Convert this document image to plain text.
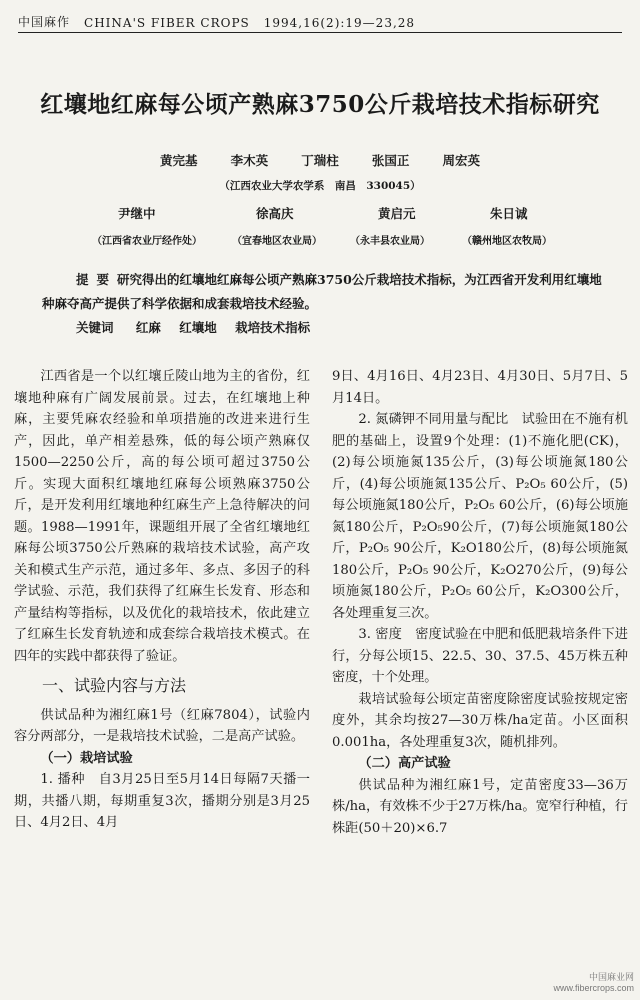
中国麻作 CHINA'S FIBER CROPS 1994,16(2):19—23,28
红壤地红麻每公顷产熟麻3750公斤栽培技术指标研究
黄完基	李木英	丁瑞柱	张国正	周宏英
（江西农业大学农学系　南昌　330045）
尹继中	徐高庆	黄启元	朱日诚
（江西省农业厅经作处）	（宜春地区农业局）	（永丰县农业局）	（赣州地区农牧局）
提要研究得出的红壤地红麻每公顷产熟麻3750公斤栽培技术指标，为江西省开发利用红壤地种麻夺高产提供了科学依据和成套栽培技术经验。
关键词 红麻 红壤地 栽培技术指标

江西省是一个以红壤丘陵山地为主的省份，红壤地种麻有广阔发展前景。过去，在红壤地上种麻，主要凭麻农经验和单项措施的改进来进行生产，因此，单产相差悬殊，低的每公顷产熟麻仅1500—2250公斤，高的每公顷可超过3750公斤。实现大面积红壤地红麻每公顷熟麻3750公斤，是开发利用红壤地种红麻生产上急待解决的问题。1988—1991年，课题组开展了全省红壤地红麻每公顷3750公斤熟麻的栽培技术试验，高产攻关和模式生产示范，通过多年、多点、多因子的科学试验、示范，我们获得了红麻生长发育、形态和产量结构等指标，以及优化的栽培技术，依此建立了红麻生长发育轨迹和成套综合栽培技术模式。在四年的实践中都获得了验证。

一、试验内容与方法

供试品种为湘红麻1号（红麻7804），试验内容分两部分，一是栽培技术试验，二是高产试验。

（一）栽培试验

1. 播种　自3月25日至5月14日每隔7天播一期，共播八期，每期重复3次，播期分别是3月25日、4月2日、4月

9日、4月16日、4月23日、4月30日、5月7日、5月14日。

2. 氮磷钾不同用量与配比　试验田在不施有机肥的基础上，设置9个处理：(1)不施化肥(CK)，(2)每公顷施氮135公斤，(3)每公顷施氮180公斤，(4)每公顷施氮135公斤、P₂O₅ 60公斤，(5)每公顷施氮180公斤，P₂O₅ 60公斤，(6)每公顷施氮180公斤，P₂O₅90公斤，(7)每公顷施氮180公斤，P₂O₅ 90公斤，K₂O180公斤，(8)每公顷施氮180公斤，P₂O₅ 90公斤，K₂O270公斤，(9)每公顷施氮180公斤，P₂O₅ 60公斤，K₂O300公斤，各处理重复三次。

3. 密度　密度试验在中肥和低肥栽培条件下进行，分每公顷15、22.5、30、37.5、45万株五种密度，十个处理。

栽培试验每公顷定苗密度除密度试验按规定密度外，其余均按27—30万株/ha定苗。小区面积0.001ha，各处理重复3次，随机排列。

（二）高产试验

供试品种为湘红麻1号，定苗密度33—36万株/ha，有效株不少于27万株/ha。宽窄行种植，行株距(50＋20)×6.7

中国麻业网
www.fibercrops.com
